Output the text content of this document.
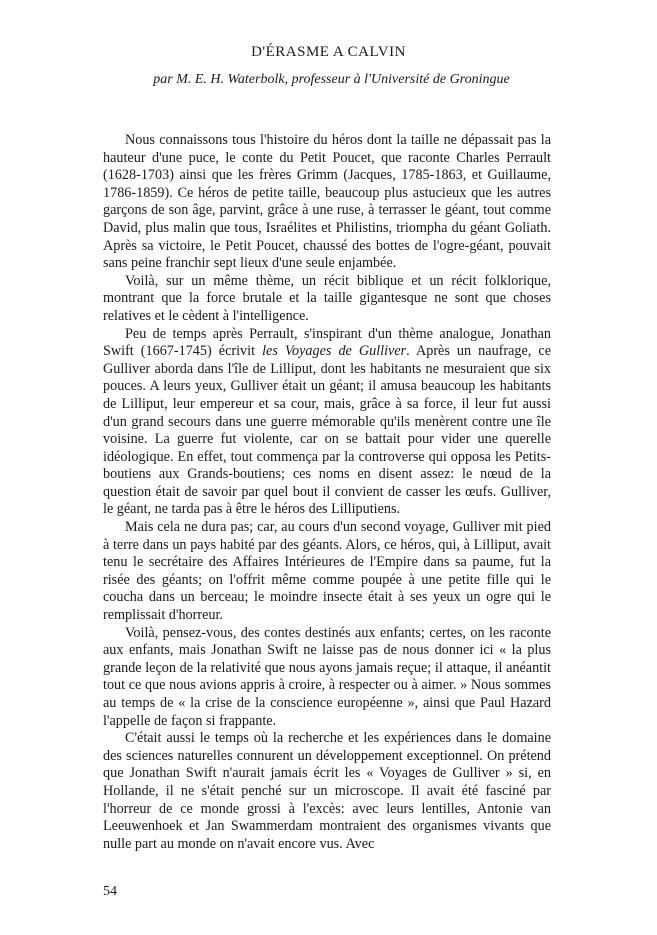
D'ÉRASME A CALVIN
par M. E. H. Waterbolk, professeur à l'Université de Groningue

Nous connaissons tous l'histoire du héros dont la taille ne dépassait pas la hauteur d'une puce, le conte du Petit Poucet, que raconte Charles Perrault (1628-1703) ainsi que les frères Grimm (Jacques, 1785-1863, et Guillaume, 1786-1859). Ce héros de petite taille, beaucoup plus astucieux que les autres garçons de son âge, parvint, grâce à une ruse, à terrasser le géant, tout comme David, plus malin que tous, Israélites et Philistins, triompha du géant Goliath. Après sa victoire, le Petit Poucet, chaussé des bottes de l'ogre-géant, pouvait sans peine franchir sept lieux d'une seule enjambée.

Voilà, sur un même thème, un récit biblique et un récit folklorique, montrant que la force brutale et la taille gigantesque ne sont que choses relatives et le cèdent à l'intelligence.

Peu de temps après Perrault, s'inspirant d'un thème analogue, Jonathan Swift (1667-1745) écrivit les Voyages de Gulliver. Après un naufrage, ce Gulliver aborda dans l'île de Lilliput, dont les habitants ne mesuraient que six pouces. A leurs yeux, Gulliver était un géant; il amusa beaucoup les habitants de Lilliput, leur empereur et sa cour, mais, grâce à sa force, il leur fut aussi d'un grand secours dans une guerre mémorable qu'ils menèrent contre une île voisine. La guerre fut violente, car on se battait pour vider une querelle idéologique. En effet, tout commença par la controverse qui opposa les Petits-boutiens aux Grands-boutiens; ces noms en disent assez: le nœud de la question était de savoir par quel bout il convient de casser les œufs. Gulliver, le géant, ne tarda pas à être le héros des Lilliputiens.

Mais cela ne dura pas; car, au cours d'un second voyage, Gulliver mit pied à terre dans un pays habité par des géants. Alors, ce héros, qui, à Lilliput, avait tenu le secrétaire des Affaires Intérieures de l'Empire dans sa paume, fut la risée des géants; on l'offrit même comme poupée à une petite fille qui le coucha dans un berceau; le moindre insecte était à ses yeux un ogre qui le remplissait d'horreur.

Voilà, pensez-vous, des contes destinés aux enfants; certes, on les raconte aux enfants, mais Jonathan Swift ne laisse pas de nous donner ici « la plus grande leçon de la relativité que nous ayons jamais reçue; il attaque, il anéantit tout ce que nous avions appris à croire, à respecter ou à aimer. » Nous sommes au temps de « la crise de la conscience européenne », ainsi que Paul Hazard l'appelle de façon si frappante.

C'était aussi le temps où la recherche et les expériences dans le domaine des sciences naturelles connurent un développement exceptionnel. On prétend que Jonathan Swift n'aurait jamais écrit les « Voyages de Gulliver » si, en Hollande, il ne s'était penché sur un microscope. Il avait été fasciné par l'horreur de ce monde grossi à l'excès: avec leurs lentilles, Antonie van Leeuwenhoek et Jan Swammerdam montraient des organismes vivants que nulle part au monde on n'avait encore vus. Avec

54
